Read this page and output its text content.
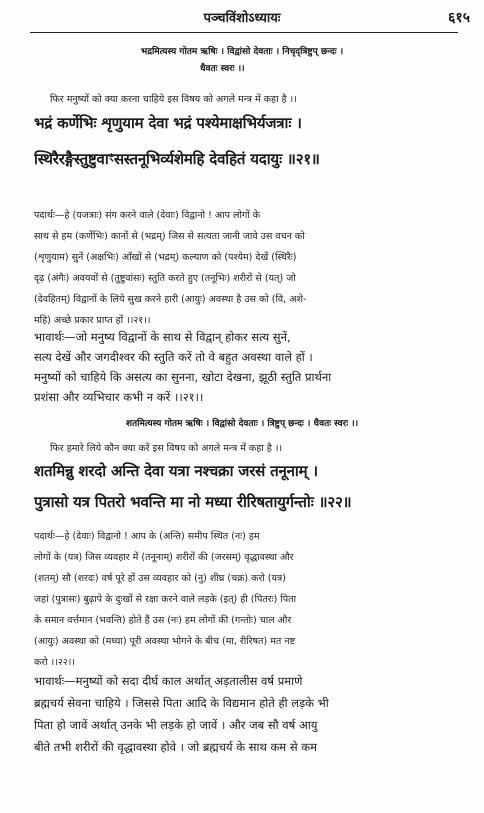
पञ्चविंशोऽध्यायः	६१५
भद्रमित्यस्य गोतम ऋषिः । विद्वांसो देवताः । निचृद्‌त्रिष्टुप् छन्दः ।
धैवतः स्वरः ।।
फिर मनुष्यों को क्या करना चाहिये इस विषय को अगले मन्त्र में कहा है ।।
भद्रं कर्णेभिः शृणुयाम देवा भद्रं पश्येमाक्षभिर्यजत्राः ।
स्थिरैरङ्गैस्तुष्टुवाꣳसस्तनूभिर्व्यशेमहि देवहितं यदायुः ॥२१॥
पदार्थः—हे (यजत्राः) संग करने वाले (देवाः) विद्वानो ! आप लोगों के
साथ से हम (कर्णेभिः) कानों से (भद्रम्) जिस से सत्यता जानी जावे उस वचन को
(शृणुयाम) सुनें (अक्षभिः) आँखों से (भद्रम्) कल्याण को (पश्येम) देखें (स्थिरैः)
दृढ़ (अंगैः) अवयवों से (तुष्टुवांसः) स्तुति करते हुए (तनूभिः) शरीरों से (यत्) जो
(देवहितम्) विद्वानों के लिये सुख करने हारी (आयुः) अवस्था है उस को (वि, अशे-
महि) अच्छे प्रकार प्राप्त हों ।।२१।।
भावार्थः—जो मनुष्य विद्वानों के साथ से विद्वान् होकर सत्य सुनें,
सत्य देखें और जगदीश्वर की स्तुति करें तो वे बहुत अवस्था वाले हों ।
मनुष्यों को चाहिये कि असत्य का सुनना, खोटा देखना, झूठी स्तुति प्रार्थना
प्रशंसा और व्यभिचार कभी न करें ।।२१।।
शतमित्यस्य गोतम ऋषिः । विद्वांसो देवताः । त्रिष्टुप् छन्दः । धैवतः स्वरः ।।
फिर हमारे लिये कौन क्या करें इस विषय को अगले मन्त्र में कहा है ।।
शतमिन्नु शरदो अन्ति देवा यत्रा नश्चक्रा जरसं तनूनाम् ।
पुत्रासो यत्र पितरो भवन्ति मा नो मध्या रीरिषतायुर्गन्तोः ॥२२॥
पदार्थः—हे (देवाः) विद्वानो ! आप के (अन्ति) समीप स्थित (नः) हम
लोगों के (यत्र) जिस व्यवहार में (तनूनाम्) शरीरों की (जरसम्) वृद्धावस्था और
(शतम्) सौ (शरदः) वर्ष पूरे हों उस व्यवहार को (नु) शीघ्र (चक्र) करो (यत्र)
जहां (पुत्रासः) बुढ़ापे के दुःखों से रक्षा करने वाले लड़के (इत्) ही (पितरः) पिता
के समान वर्त्तमान (भवन्ति) होते हैं उस (नः) हम लोगों की (गन्तोः) चाल और
(आयुः) अवस्था को (मध्या) पूरी अवस्था भोगने के बीच (मा, रीरिषत) मत नष्ट
करो ।।२२।।
भावार्थः—मनुष्यों को सदा दीर्घ काल अर्थात् अड़तालीस वर्ष प्रमाणे
ब्रह्मचर्य सेवना चाहिये । जिससे पिता आदि के विद्यमान होते ही लड़के भी
पिता हो जावें अर्थात् उनके भी लड़के हो जावें । और जब सौ वर्ष आयु
बीते तभी शरीरों की वृद्धावस्था होवे । जो ब्रह्मचर्य के साथ कम से कम
